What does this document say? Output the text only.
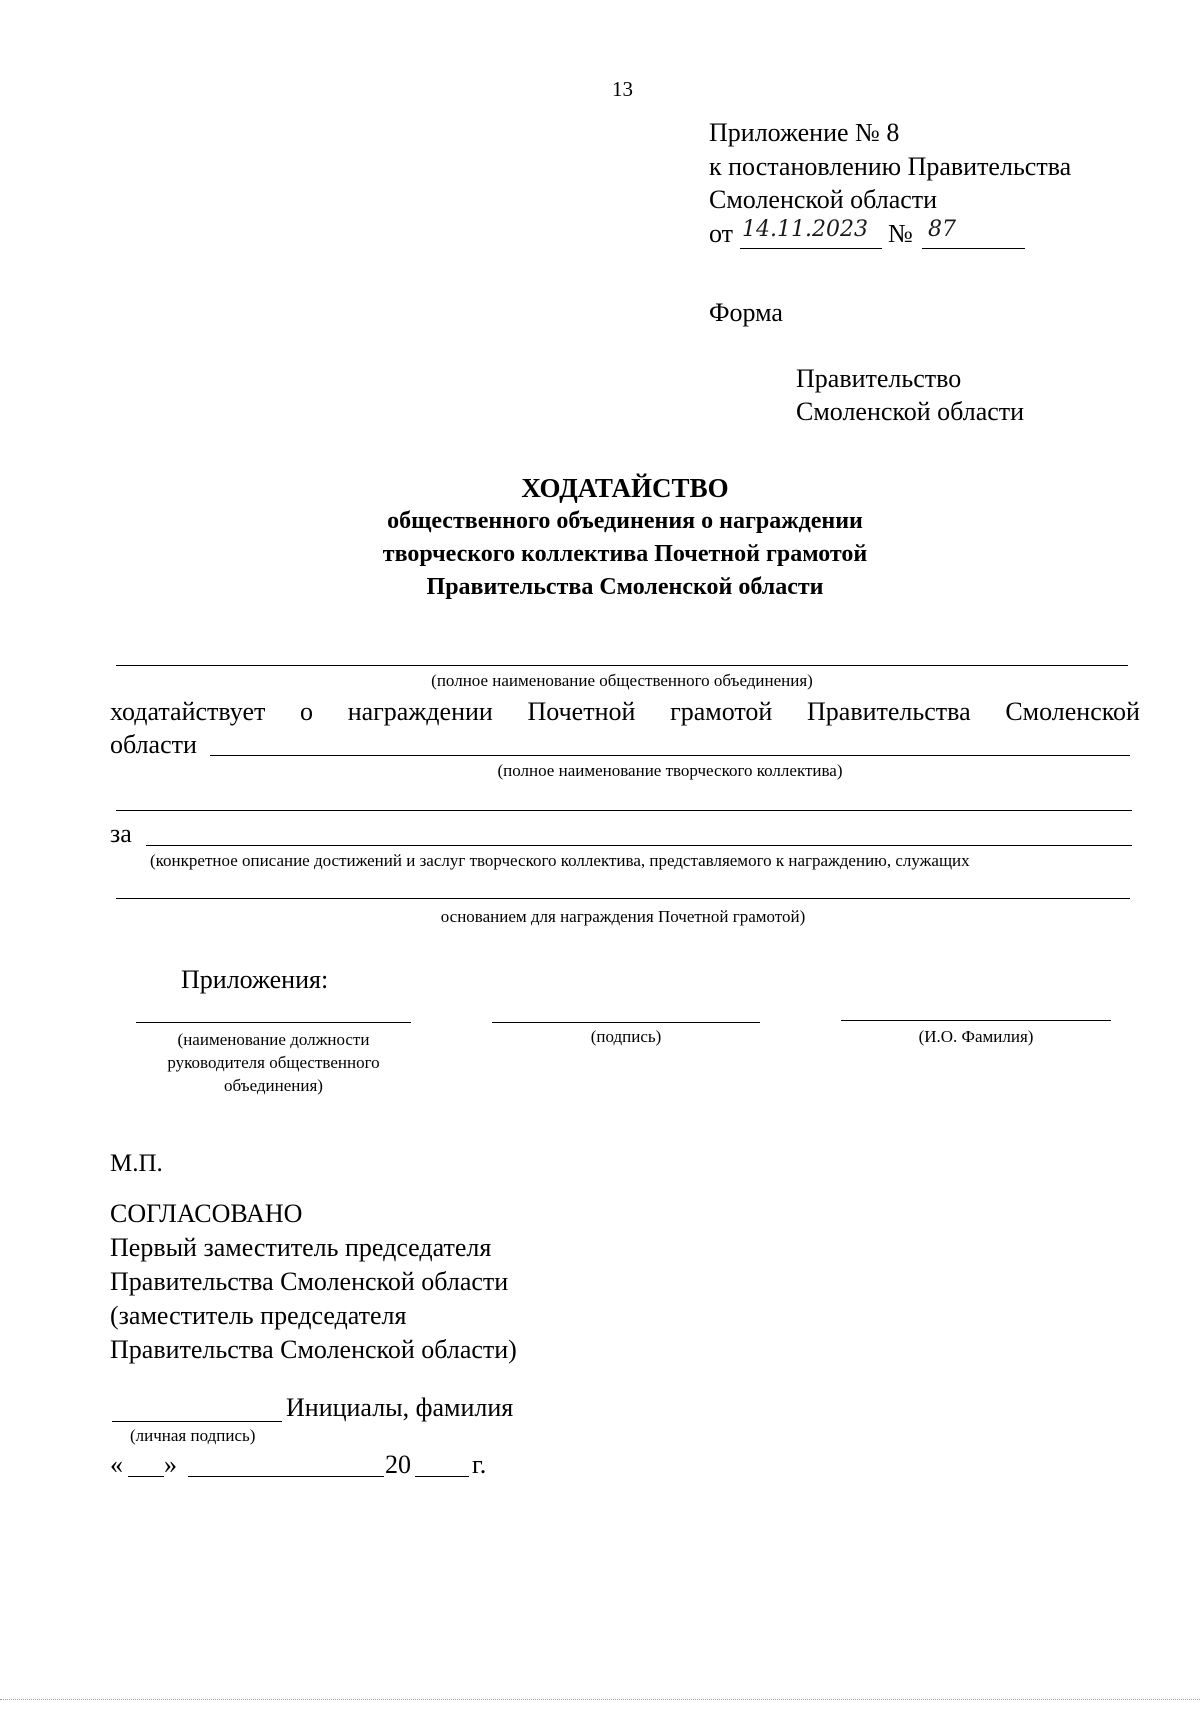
13
Приложение № 8
к постановлению Правительства
Смоленской области
от 14.11.2023 № 87
Форма
Правительство
Смоленской области
ХОДАТАЙСТВО
общественного объединения о награждении
творческого коллектива Почетной грамотой
Правительства Смоленской области
(полное наименование общественного объединения)
ходатайствует о награждении Почетной грамотой Правительства Смоленской
области
(полное наименование творческого коллектива)
за
(конкретное описание достижений и заслуг творческого коллектива, представляемого к награждению, служащих
основанием для награждения Почетной грамотой)
Приложения:
(наименование должности
руководителя общественного
объединения)
(подпись)	(И.О. Фамилия)
М.П.
СОГЛАСОВАНО
Первый заместитель председателя
Правительства Смоленской области
(заместитель председателя
Правительства Смоленской области)
Инициалы, фамилия
(личная подпись)
« »	20 г.
